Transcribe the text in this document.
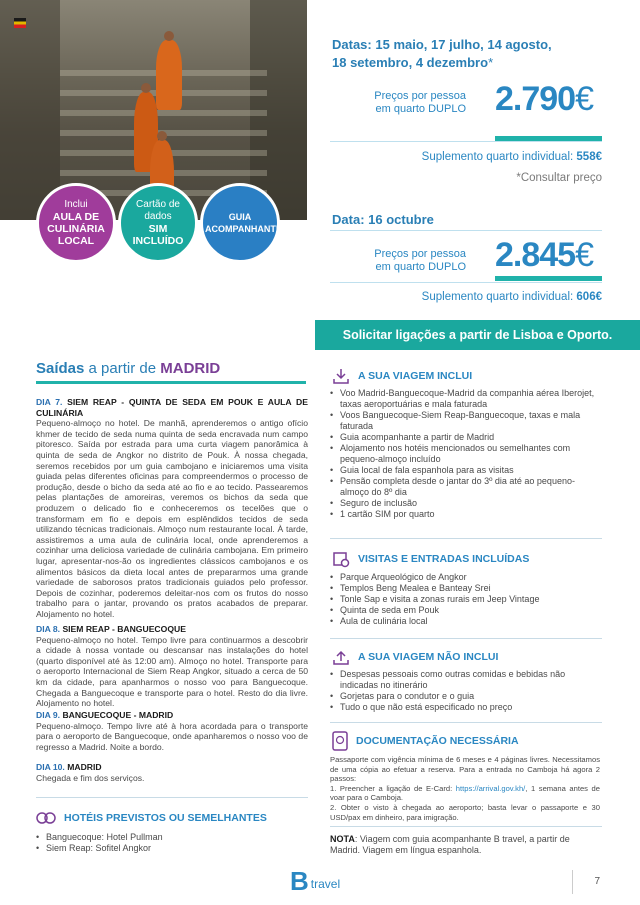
Inclui
AULA DE CULINÁRIA LOCAL
Cartão de dados
SIM INCLUÍDO
GUIA ACOMPANHANTE
Datas: 15 maio, 17 julho, 14 agosto,
18 setembro, 4 dezembro*
Preços por pessoa
em quarto DUPLO 2.790€
Suplemento quarto individual: 558€
*Consultar preço
Data: 16 octubre
Preços por pessoa
em quarto DUPLO 2.845€
Suplemento quarto individual: 606€
Solicitar ligações a partir de Lisboa e Oporto.
Saídas a partir de MADRID
DIA 7. SIEM REAP - QUINTA DE SEDA EM POUK E AULA DE CULINÁRIA
Pequeno-almoço no hotel. De manhã, aprenderemos o antigo ofício khmer de tecido de seda numa quinta de seda encravada num campo pitoresco. Saída por estrada para uma curta viagem panorâmica à quinta de seda de Angkor no distrito de Pouk. À nossa chegada, seremos recebidos por um guia cambojano e iniciaremos uma visita guiada pelas diferentes oficinas para compreendermos o processo de produção, desde o bicho da seda até ao fio e ao tecido. Passearemos pelas plantações de amoreiras, veremos os bichos da seda que produzem o delicado fio e conheceremos os tecelões que o transformam em fio e depois em esplêndidos tecidos de seda utilizando técnicas tradicionais. Almoço num restaurante local. À tarde, assistiremos a uma aula de culinária local, onde aprenderemos a cozinhar uma deliciosa variedade de culinária cambojana. Em primeiro lugar, apresentar-nos-ão os ingredientes clássicos cambojanos e os alimentos básicos da dieta local antes de prepararmos uma grande variedade de saborosos pratos tradicionais guiados pelo professor. Depois de cozinhar, poderemos deleitar-nos com os frutos do nosso trabalho para o jantar, provando os pratos acabados de preparar. Alojamento no hotel.
DIA 8. SIEM REAP - BANGUECOQUE
Pequeno-almoço no hotel. Tempo livre para continuarmos a descobrir a cidade à nossa vontade ou descansar nas instalações do hotel (quarto disponível até às 12:00 am). Almoço no hotel. Transporte para o aeroporto Internacional de Siem Reap Angkor, situado a cerca de 50 km da cidade, para apanharmos o nosso voo para Banguecoque. Chegada a Banguecoque e transporte para o hotel. Resto do dia livre. Alojamento no hotel.
DIA 9. BANGUECOQUE - MADRID
Pequeno-almoço. Tempo livre até à hora acordada para o transporte para o aeroporto de Banguecoque, onde apanharemos o nosso voo de regresso a Madrid. Noite a bordo.
DIA 10. MADRID
Chegada e fim dos serviços.
HOTÉIS PREVISTOS OU SEMELHANTES
• Banguecoque: Hotel Pullman
• Siem Reap: Sofitel Angkor
A SUA VIAGEM INCLUI
• Voo Madrid-Banguecoque-Madrid da companhia aérea Iberojet, taxas aeroportuárias e mala faturada
• Voos Banguecoque-Siem Reap-Banguecoque, taxas e mala faturada
• Guia acompanhante a partir de Madrid
• Alojamento nos hotéis mencionados ou semelhantes com pequeno-almoço incluído
• Guia local de fala espanhola para as visitas
• Pensão completa desde o jantar do 3º dia até ao pequeno-almoço do 8º dia
• Seguro de inclusão
• 1 cartão SIM por quarto
VISITAS E ENTRADAS INCLUÍDAS
• Parque Arqueológico de Angkor
• Templos Beng Mealea e Banteay Srei
• Tonle Sap e visita a zonas rurais em Jeep Vintage
• Quinta de seda em Pouk
• Aula de culinária local
A SUA VIAGEM NÃO INCLUI
• Despesas pessoais como outras comidas e bebidas não indicadas no itinerário
• Gorjetas para o condutor e o guia
• Tudo o que não está especificado no preço
DOCUMENTAÇÃO NECESSÁRIA
Passaporte com vigência mínima de 6 meses e 4 páginas livres. Necessitamos de uma cópia ao efetuar a reserva. Para a entrada no Camboja há agora 2 passos:
1. Preencher a ligação de E-Card: https://arrival.gov.kh/, 1 semana antes de voar para o Camboja.
2. Obter o visto à chegada ao aeroporto; basta levar o passaporte e 30 USD/pax em dinheiro, para imigração.
NOTA: Viagem com guia acompanhante B travel, a partir de Madrid. Viagem em língua espanhola.
B travel	7
